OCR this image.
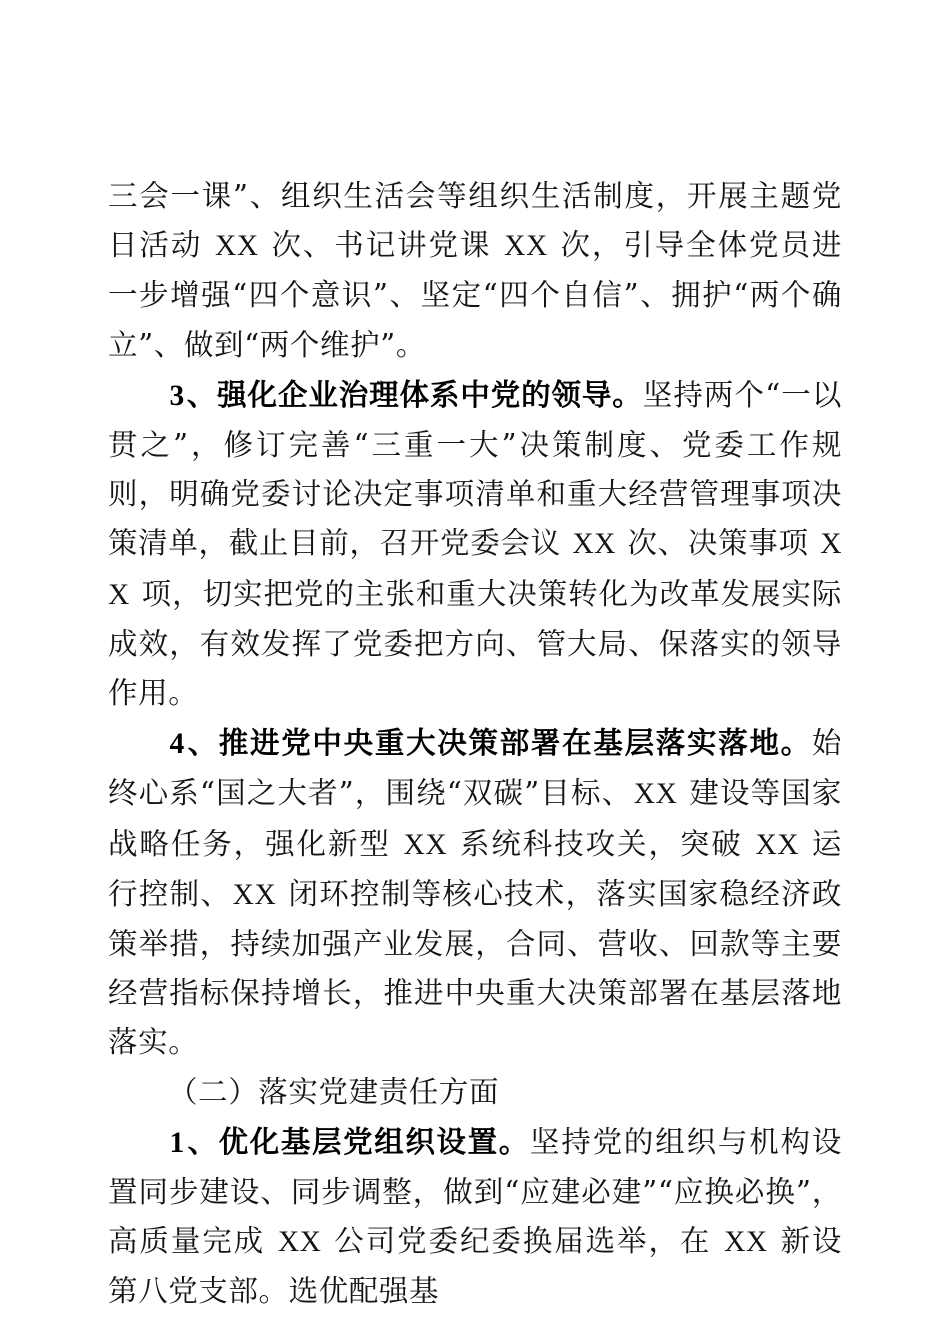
三会一课”、组织生活会等组织生活制度，开展主题党日活动 XX 次、书记讲党课 XX 次，引导全体党员进一步增强“四个意识”、坚定“四个自信”、拥护“两个确立”、做到“两个维护”。

3、强化企业治理体系中党的领导。坚持两个“一以贯之”，修订完善“三重一大”决策制度、党委工作规则，明确党委讨论决定事项清单和重大经营管理事项决策清单，截止目前，召开党委会议 XX 次、决策事项 XX 项，切实把党的主张和重大决策转化为改革发展实际成效，有效发挥了党委把方向、管大局、保落实的领导作用。

4、推进党中央重大决策部署在基层落实落地。始终心系“国之大者”，围绕“双碳”目标、XX 建设等国家战略任务，强化新型 XX 系统科技攻关，突破 XX 运行控制、XX 闭环控制等核心技术，落实国家稳经济政策举措，持续加强产业发展，合同、营收、回款等主要经营指标保持增长，推进中央重大决策部署在基层落地落实。

（二）落实党建责任方面

1、优化基层党组织设置。坚持党的组织与机构设置同步建设、同步调整，做到“应建必建”“应换必换”，高质量完成 XX 公司党委纪委换届选举，在 XX 新设第八党支部。选优配强基
